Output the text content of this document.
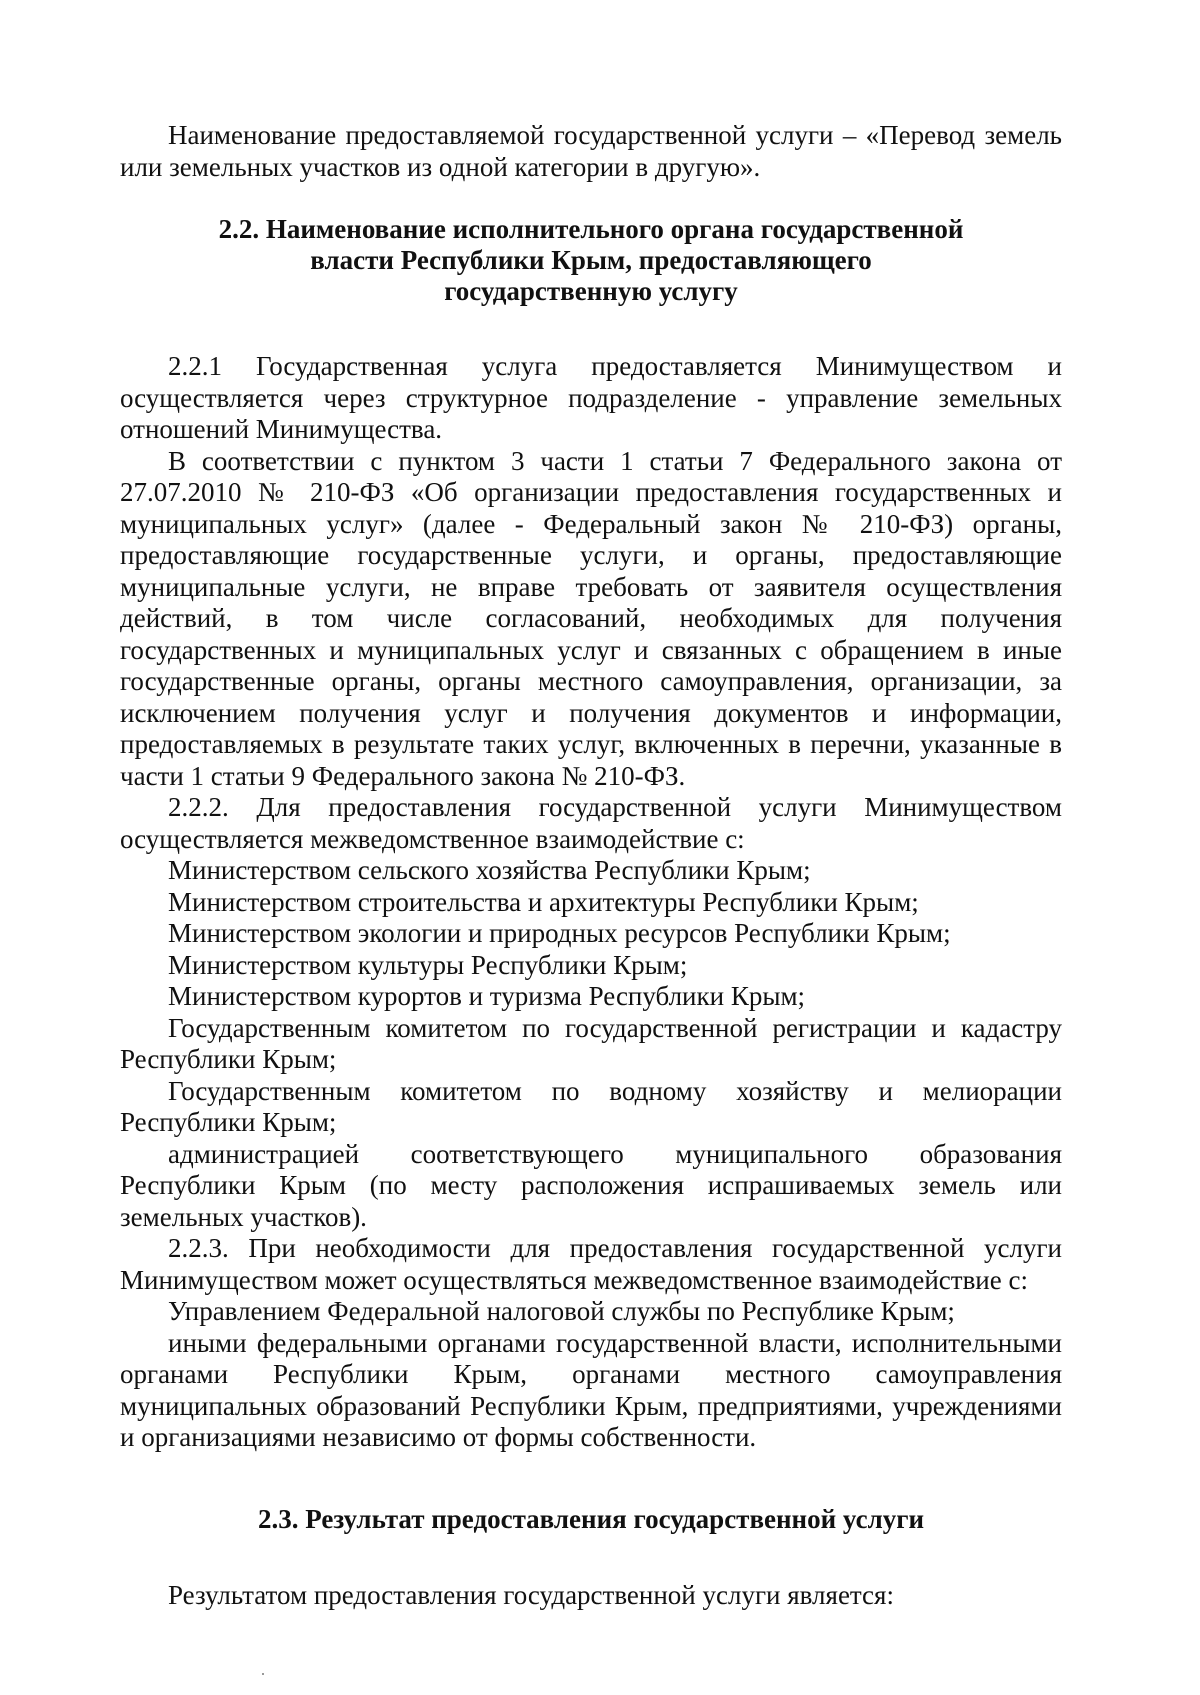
Наименование предоставляемой государственной услуги – «Перевод земель или земельных участков из одной категории в другую».

2.2. Наименование исполнительного органа государственной
власти Республики Крым, предоставляющего
государственную услугу

2.2.1 Государственная услуга предоставляется Минимуществом и осуществляется через структурное подразделение - управление земельных отношений Минимущества.

В соответствии с пунктом 3 части 1 статьи 7 Федерального закона от 27.07.2010 № 210-ФЗ «Об организации предоставления государственных и муниципальных услуг» (далее - Федеральный закон № 210-ФЗ) органы, предоставляющие государственные услуги, и органы, предоставляющие муниципальные услуги, не вправе требовать от заявителя осуществления действий, в том числе согласований, необходимых для получения государственных и муниципальных услуг и связанных с обращением в иные государственные органы, органы местного самоуправления, организации, за исключением получения услуг и получения документов и информации, предоставляемых в результате таких услуг, включенных в перечни, указанные в части 1 статьи 9 Федерального закона № 210-ФЗ.

2.2.2. Для предоставления государственной услуги Минимуществом осуществляется межведомственное взаимодействие с:

Министерством сельского хозяйства Республики Крым;

Министерством строительства и архитектуры Республики Крым;

Министерством экологии и природных ресурсов Республики Крым;

Министерством культуры Республики Крым;

Министерством курортов и туризма Республики Крым;

Государственным комитетом по государственной регистрации и кадастру Республики Крым;

Государственным комитетом по водному хозяйству и мелиорации Республики Крым;

администрацией соответствующего муниципального образования Республики Крым (по месту расположения испрашиваемых земель или земельных участков).

2.2.3. При необходимости для предоставления государственной услуги Минимуществом может осуществляться межведомственное взаимодействие с:

Управлением Федеральной налоговой службы по Республике Крым;

иными федеральными органами государственной власти, исполнительными органами Республики Крым, органами местного самоуправления муниципальных образований Республики Крым, предприятиями, учреждениями и организациями независимо от формы собственности.

2.3. Результат предоставления государственной услуги

Результатом предоставления государственной услуги является:
